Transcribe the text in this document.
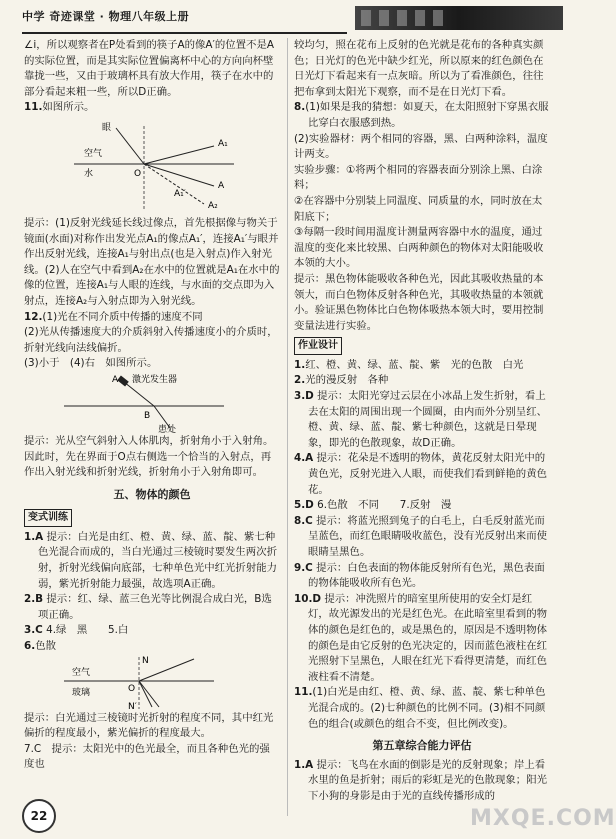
中学 奇迹课堂 · 物理八年级上册

∠i，所以观察者在P处看到的筷子A的像A′的位置不是A的实际位置，而是其实际位置偏离杯中心的方向向杯壁靠拢一些，又由于玻璃杯具有放大作用，筷子在水中的部分看起来粗一些，所以D正确。

11.如图所示。

眼
空气
水	O
A₁
A
A₂
A₁′

提示：(1)反射光线延长线过像点，首先根据像与物关于镜面(水面)对称作出发光点A₁的像点A₁′，连接A₁′与眼并作出反射光线，连接A₁与射出点(也是入射点)作入射光线。(2)人在空气中看到A₂在水中的位置就是A₁在水中的像的位置，连接A₁与人眼的连线，与水面的交点即为入射点，连接A₂与入射点即为入射光线。

12.(1)光在不同介质中传播的速度不同

(2)光从传播速度大的介质斜射入传播速度小的介质时，折射光线向法线偏折。

(3)小于　(4)右　如图所示。

A 激光发生器
B
患处

提示：光从空气斜射入人体肌肉，折射角小于入射角。因此时，先在界面于O点右侧选一个恰当的入射点，再作出入射光线和折射光线，折射角小于入射角即可。

五、物体的颜色
变式训练

1.A 提示：白光是由红、橙、黄、绿、蓝、靛、紫七种色光混合而成的，当白光通过三棱镜时要发生两次折射，折射光线偏向底部，七种单色光中红光折射能力弱，紫光折射能力最强，故选项A正确。

2.B 提示：红、绿、蓝三色光等比例混合成白光，B选项正确。

3.C 4.绿　黑　　5.白

6.色散

空气
玻璃
N
O
N′

提示：白光通过三棱镜时光折射的程度不同，其中红光偏折的程度最小，紫光偏折的程度最大。

7.C　提示：太阳光中的色光最全，而且各种色光的强度也

较均匀，照在花布上反射的色光就是花布的各种真实颜色；日光灯的色光中缺少红光，所以原来的红色颜色在日光灯下看起来有一点灰暗。所以为了看准颜色，往往把布拿到太阳光下观察，而不是在日光灯下看。

8.(1)如果是我的猜想：如夏天，在太阳照射下穿黑衣服比穿白衣服感到热。

(2)实验器材：两个相同的容器，黑、白两种涂料，温度计两支。

实验步骤：①将两个相同的容器表面分别涂上黑、白涂料；

②在容器中分别装上同温度、同质量的水，同时放在太阳底下；

③每隔一段时间用温度计测量两容器中水的温度，通过温度的变化来比较黑、白两种颜色的物体对太阳能吸收本领的大小。

提示：黑色物体能吸收各种色光，因此其吸收热量的本领大，而白色物体反射各种色光，其吸收热量的本领就小。验证黑色物体比白色物体吸热本领大时，要用控制变量法进行实验。

作业设计

1.红、橙、黄、绿、蓝、靛、紫　光的色散　白光

2.光的漫反射　各种

3.D 提示：太阳光穿过云层在小冰晶上发生折射，看上去在太阳的周围出现一个圆圈，由内而外分别呈红、橙、黄、绿、蓝、靛、紫七种颜色，这就是日晕现象，即光的色散现象，故D正确。

4.A 提示：花朵是不透明的物体，黄花反射太阳光中的黄色光，反射光进入人眼，而使我们看到鲜艳的黄色花。

5.D 6.色散　不同　　7.反射　漫

8.C 提示：将蓝光照到兔子的白毛上，白毛反射蓝光而呈蓝色，而红色眼睛吸收蓝色，没有光反射出来而使眼睛呈黑色。

9.C 提示：白色表面的物体能反射所有色光，黑色表面的物体能吸收所有色光。

10.D 提示：冲洗照片的暗室里所使用的安全灯是红灯，故光源发出的光是红色光。在此暗室里看到的物体的颜色是红色的，或是黑色的，原因是不透明物体的颜色是由它反射的色光决定的，因而蓝色液柱在红光照射下呈黑色，人眼在红光下看得更清楚，而红色液柱看不清楚。

11.(1)白光是由红、橙、黄、绿、蓝、靛、紫七种单色光混合成的。(2)七种颜色的比例不同。(3)相不同颜色的组合(或颜色的组合不变，但比例改变)。

第五章综合能力评估

1.A 提示：飞鸟在水面的倒影是光的反射现象；岸上看水里的鱼是折射；雨后的彩虹是光的色散现象；阳光下小狗的身影是由于光的直线传播形成的

22	MXQE.COM
